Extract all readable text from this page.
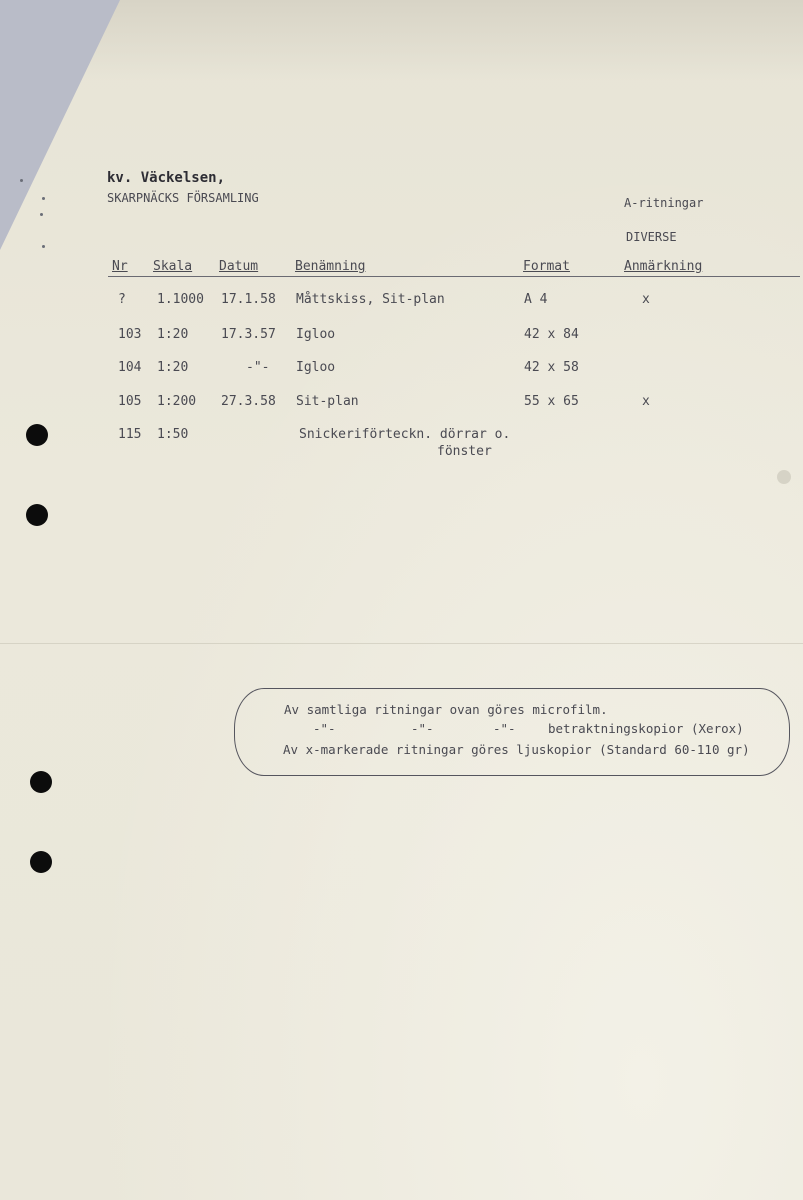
kv. Väckelsen,
SKARPNÄCKS FÖRSAMLING	A-ritningar
DIVERSE
Nr Skala Datum	Benämning	Format	Anmärkning
?	1.1000 17.1.58 Måttskiss, Sit-plan	A 4	x
103	1:20	17.3.57 Igloo	42 x 84
104	1:20	-"- Igloo	42 x 58
105	1:200 27.3.58 Sit-plan	55 x 65	x
115	1:50	Snickeriförteckn. dörrar o.
fönster
Av samtliga ritningar ovan göres microfilm.
-"-	-"-	-"-	betraktningskopior (Xerox)
Av x-markerade ritningar göres ljuskopior (Standard 60-110 gr)
